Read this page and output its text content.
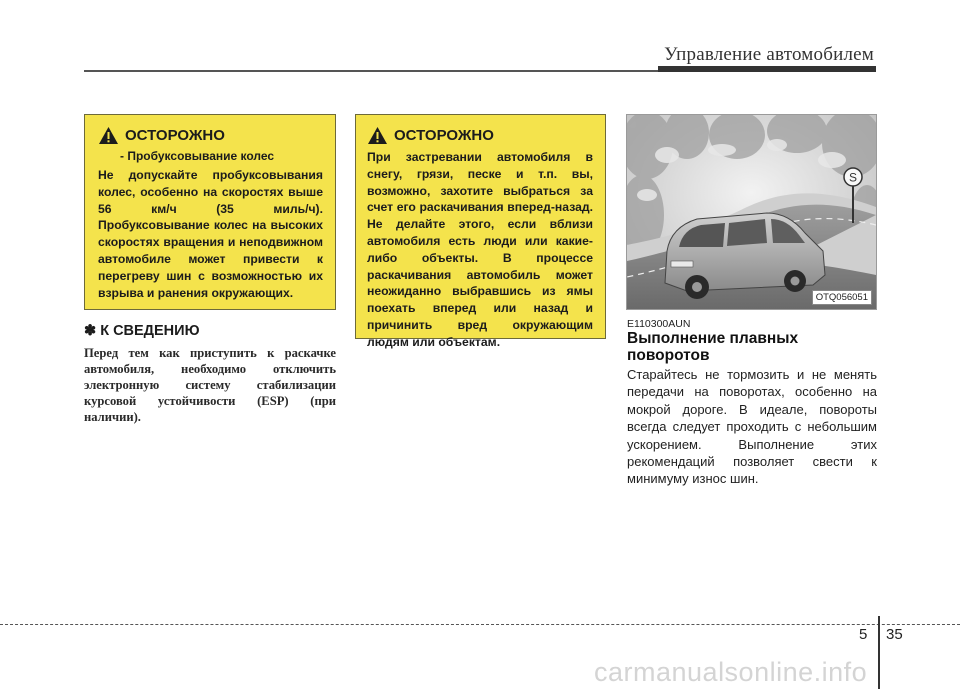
Управление автомобилем
ОСТОРОЖНО
- Пробуксовывание колес
Не допускайте пробуксовывания колес, особенно на скоростях выше 56 км/ч (35 миль/ч). Пробуксовывание колес на высоких скоростях вращения и неподвижном автомобиле может привести к перегреву шин с возможностью их взрыва и ранения окружающих.
✽ К СВЕДЕНИЮ
Перед тем как приступить к раскачке автомобиля, необходимо отключить электронную систему стабилизации курсовой устойчивости (ESP) (при наличии).
ОСТОРОЖНО
При застревании автомобиля в снегу, грязи, песке и т.п. вы, возможно, захотите выбраться за счет его раскачивания вперед-назад. Не делайте этого, если вблизи автомобиля есть люди или какие-либо объекты. В процессе раскачивания автомобиль может неожиданно выбравшись из ямы поехать вперед или назад и причинить вред окружающим людям или объектам.
S
OTQ056051
E110300AUN
Выполнение плавных поворотов
Старайтесь не тормозить и не менять передачи на поворотах, особенно на мокрой дороге. В идеале, повороты всегда следует проходить с небольшим ускорением. Выполнение этих рекомендаций позволяет свести к минимуму износ шин.
5 35
carmanualsonline.info
